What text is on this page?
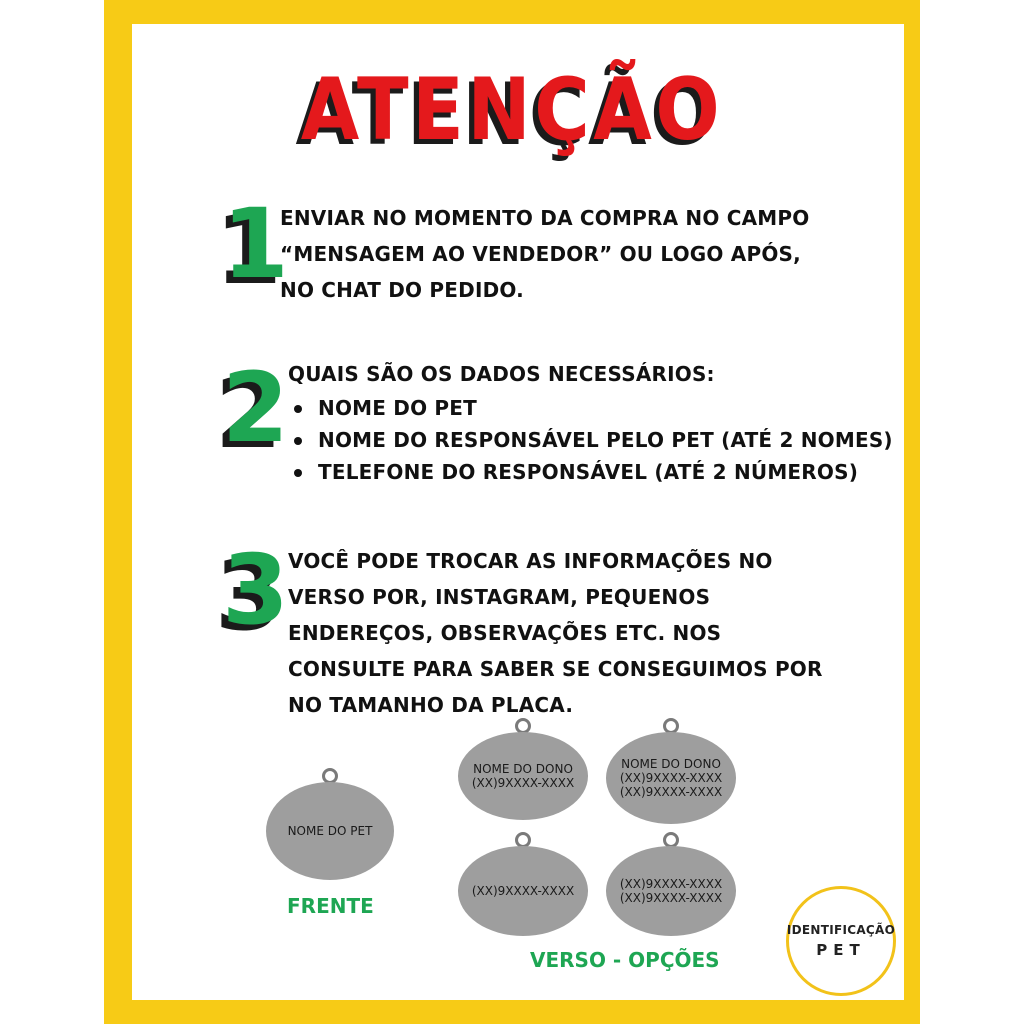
ATENÇÃO
1

ENVIAR NO MOMENTO DA COMPRA NO CAMPO

“MENSAGEM AO VENDEDOR” OU LOGO APÓS,

NO CHAT DO PEDIDO.

2 QUAIS SÃO OS DADOS NECESSÁRIOS:

NOME DO PET
NOME DO RESPONSÁVEL PELO PET (ATÉ 2 NOMES)
TELEFONE DO RESPONSÁVEL (ATÉ 2 NÚMEROS)
3 VOCÊ PODE TROCAR AS INFORMAÇÕES NO

VERSO POR, INSTAGRAM, PEQUENOS

ENDEREÇOS, OBSERVAÇÕES ETC. NOS

CONSULTE PARA SABER SE CONSEGUIMOS POR

NO TAMANHO DA PLACA.

NOME DO PET
FRENTE
NOME DO DONO
(XX)9XXXX-XXXX
NOME DO DONO
(XX)9XXXX-XXXX
(XX)9XXXX-XXXX
(XX)9XXXX-XXXX	(XX)9XXXX-XXXX
(XX)9XXXX-XXXX
VERSO - OPÇÕES
IDENTIFICAÇÃO
PET
